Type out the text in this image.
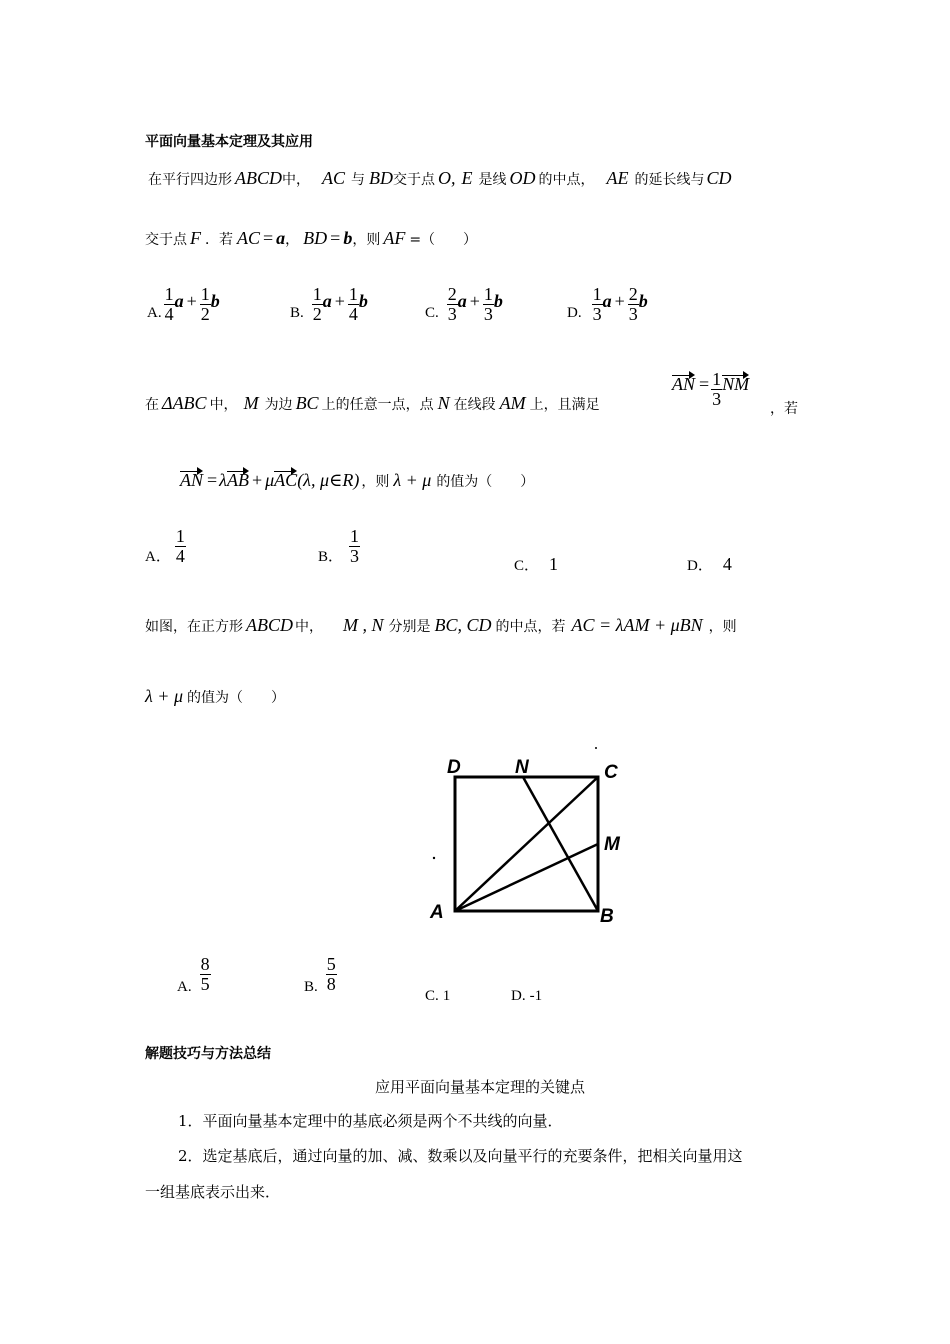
平面向量基本定理及其应用
在平行四边形 ABCD 中， AC 与 BD 交于点 O, E 是线 OD 的中点， AE 的延长线与 CD
交于点 F ．若 AC = a ， BD = b ，则 AF =（　　）
A. $\frac{1}{4}$ $a + \frac{1}{2}$ b
B. $\frac{1}{2}$ $a + \frac{1}{4}$ b
C. $\frac{2}{3}$ $a + \frac{1}{3}$ b
D. $\frac{1}{3}$ $a + \frac{2}{3}$ b
在 ΔABC 中， M 为边 BC 上的任意一点，点 N 在线段 AM 上，且满足
AN = $\frac{1}{3}$ NM
，若
AN = λ AB + μ AC (λ, μ∈R) ，则 λ + μ 的值为（　　）
A． $\frac{1}{4}$	B． $\frac{1}{3}$	C． 1	D． 4
如图，在正方形 ABCD 中， M , N 分别是 BC, CD 的中点，若 AC = λAM + μBN ，则
λ + μ 的值为（　　）
D	N	C
M
A	B
A. $\frac{8}{5}$	B. $\frac{5}{8}$
C. 1	D. -1
解题技巧与方法总结
应用平面向量基本定理的关键点
1．平面向量基本定理中的基底必须是两个不共线的向量．
2．选定基底后，通过向量的加、减、数乘以及向量平行的充要条件，把相关向量用这
一组基底表示出来．
